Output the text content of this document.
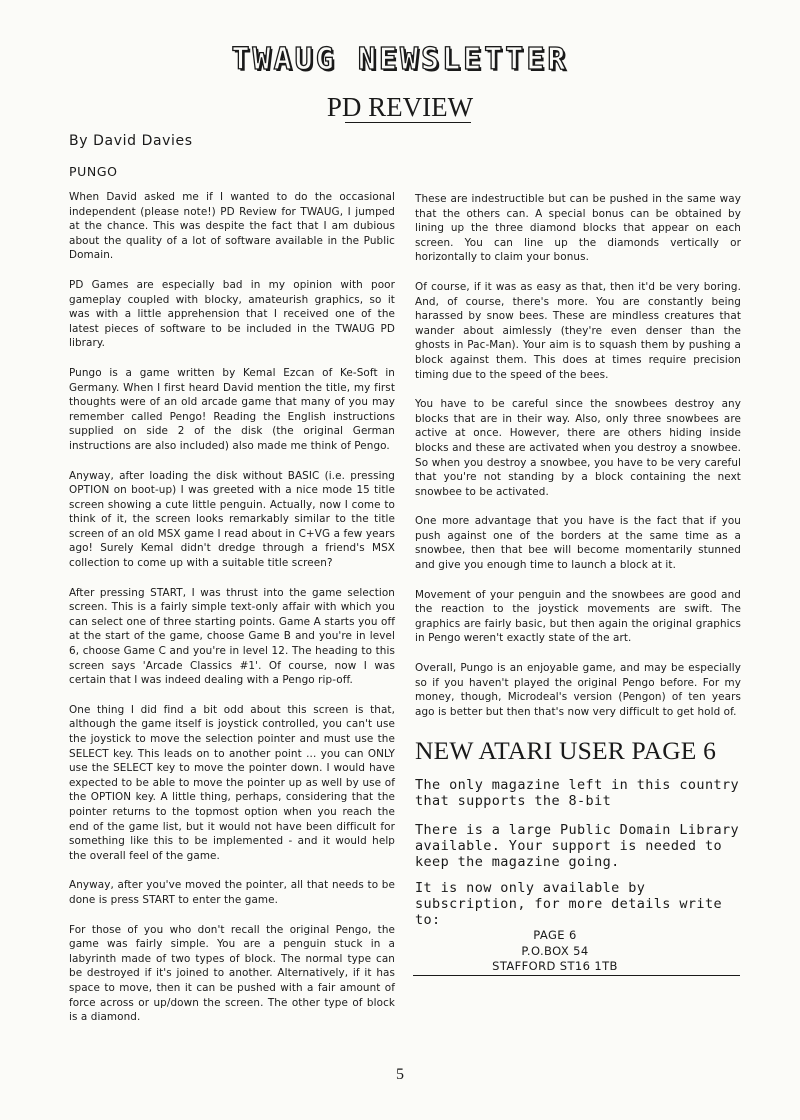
TWAUG NEWSLETTER
PD REVIEW
By David Davies
PUNGO

When David asked me if I wanted to do the occasional independent (please note!) PD Review for TWAUG, I jumped at the chance. This was despite the fact that I am dubious about the quality of a lot of software available in the Public Domain.

PD Games are especially bad in my opinion with poor gameplay coupled with blocky, amateurish graphics, so it was with a little apprehension that I received one of the latest pieces of software to be included in the TWAUG PD library.

Pungo is a game written by Kemal Ezcan of Ke-Soft in Germany. When I first heard David mention the title, my first thoughts were of an old arcade game that many of you may remember called Pengo! Reading the English instructions supplied on side 2 of the disk (the original German instructions are also included) also made me think of Pengo.

Anyway, after loading the disk without BASIC (i.e. pressing OPTION on boot-up) I was greeted with a nice mode 15 title screen showing a cute little penguin. Actually, now I come to think of it, the screen looks remarkably similar to the title screen of an old MSX game I read about in C+VG a few years ago! Surely Kemal didn't dredge through a friend's MSX collection to come up with a suitable title screen?

After pressing START, I was thrust into the game selection screen. This is a fairly simple text-only affair with which you can select one of three starting points. Game A starts you off at the start of the game, choose Game B and you're in level 6, choose Game C and you're in level 12. The heading to this screen says 'Arcade Classics #1'. Of course, now I was certain that I was indeed dealing with a Pengo rip-off.

One thing I did find a bit odd about this screen is that, although the game itself is joystick controlled, you can't use the joystick to move the selection pointer and must use the SELECT key. This leads on to another point ... you can ONLY use the SELECT key to move the pointer down. I would have expected to be able to move the pointer up as well by use of the OPTION key. A little thing, perhaps, considering that the pointer returns to the topmost option when you reach the end of the game list, but it would not have been difficult for something like this to be implemented - and it would help the overall feel of the game.

Anyway, after you've moved the pointer, all that needs to be done is press START to enter the game.

For those of you who don't recall the original Pengo, the game was fairly simple. You are a penguin stuck in a labyrinth made of two types of block. The normal type can be destroyed if it's joined to another. Alternatively, if it has space to move, then it can be pushed with a fair amount of force across or up/down the screen. The other type of block is a diamond.

These are indestructible but can be pushed in the same way that the others can. A special bonus can be obtained by lining up the three diamond blocks that appear on each screen. You can line up the diamonds vertically or horizontally to claim your bonus.

Of course, if it was as easy as that, then it'd be very boring. And, of course, there's more. You are constantly being harassed by snow bees. These are mindless creatures that wander about aimlessly (they're even denser than the ghosts in Pac-Man). Your aim is to squash them by pushing a block against them. This does at times require precision timing due to the speed of the bees.

You have to be careful since the snowbees destroy any blocks that are in their way. Also, only three snowbees are active at once. However, there are others hiding inside blocks and these are activated when you destroy a snowbee. So when you destroy a snowbee, you have to be very careful that you're not standing by a block containing the next snowbee to be activated.

One more advantage that you have is the fact that if you push against one of the borders at the same time as a snowbee, then that bee will become momentarily stunned and give you enough time to launch a block at it.

Movement of your penguin and the snowbees are good and the reaction to the joystick movements are swift. The graphics are fairly basic, but then again the original graphics in Pengo weren't exactly state of the art.

Overall, Pungo is an enjoyable game, and may be especially so if you haven't played the original Pengo before. For my money, though, Microdeal's version (Pengon) of ten years ago is better but then that's now very difficult to get hold of.

NEW ATARI USER PAGE 6
The only magazine left in this country that supports the 8-bit
There is a large Public Domain Library available. Your support is needed to keep the magazine going.
It is now only available by subscription, for more details write to:
PAGE 6
P.O.BOX 54
STAFFORD ST16 1TB
5
